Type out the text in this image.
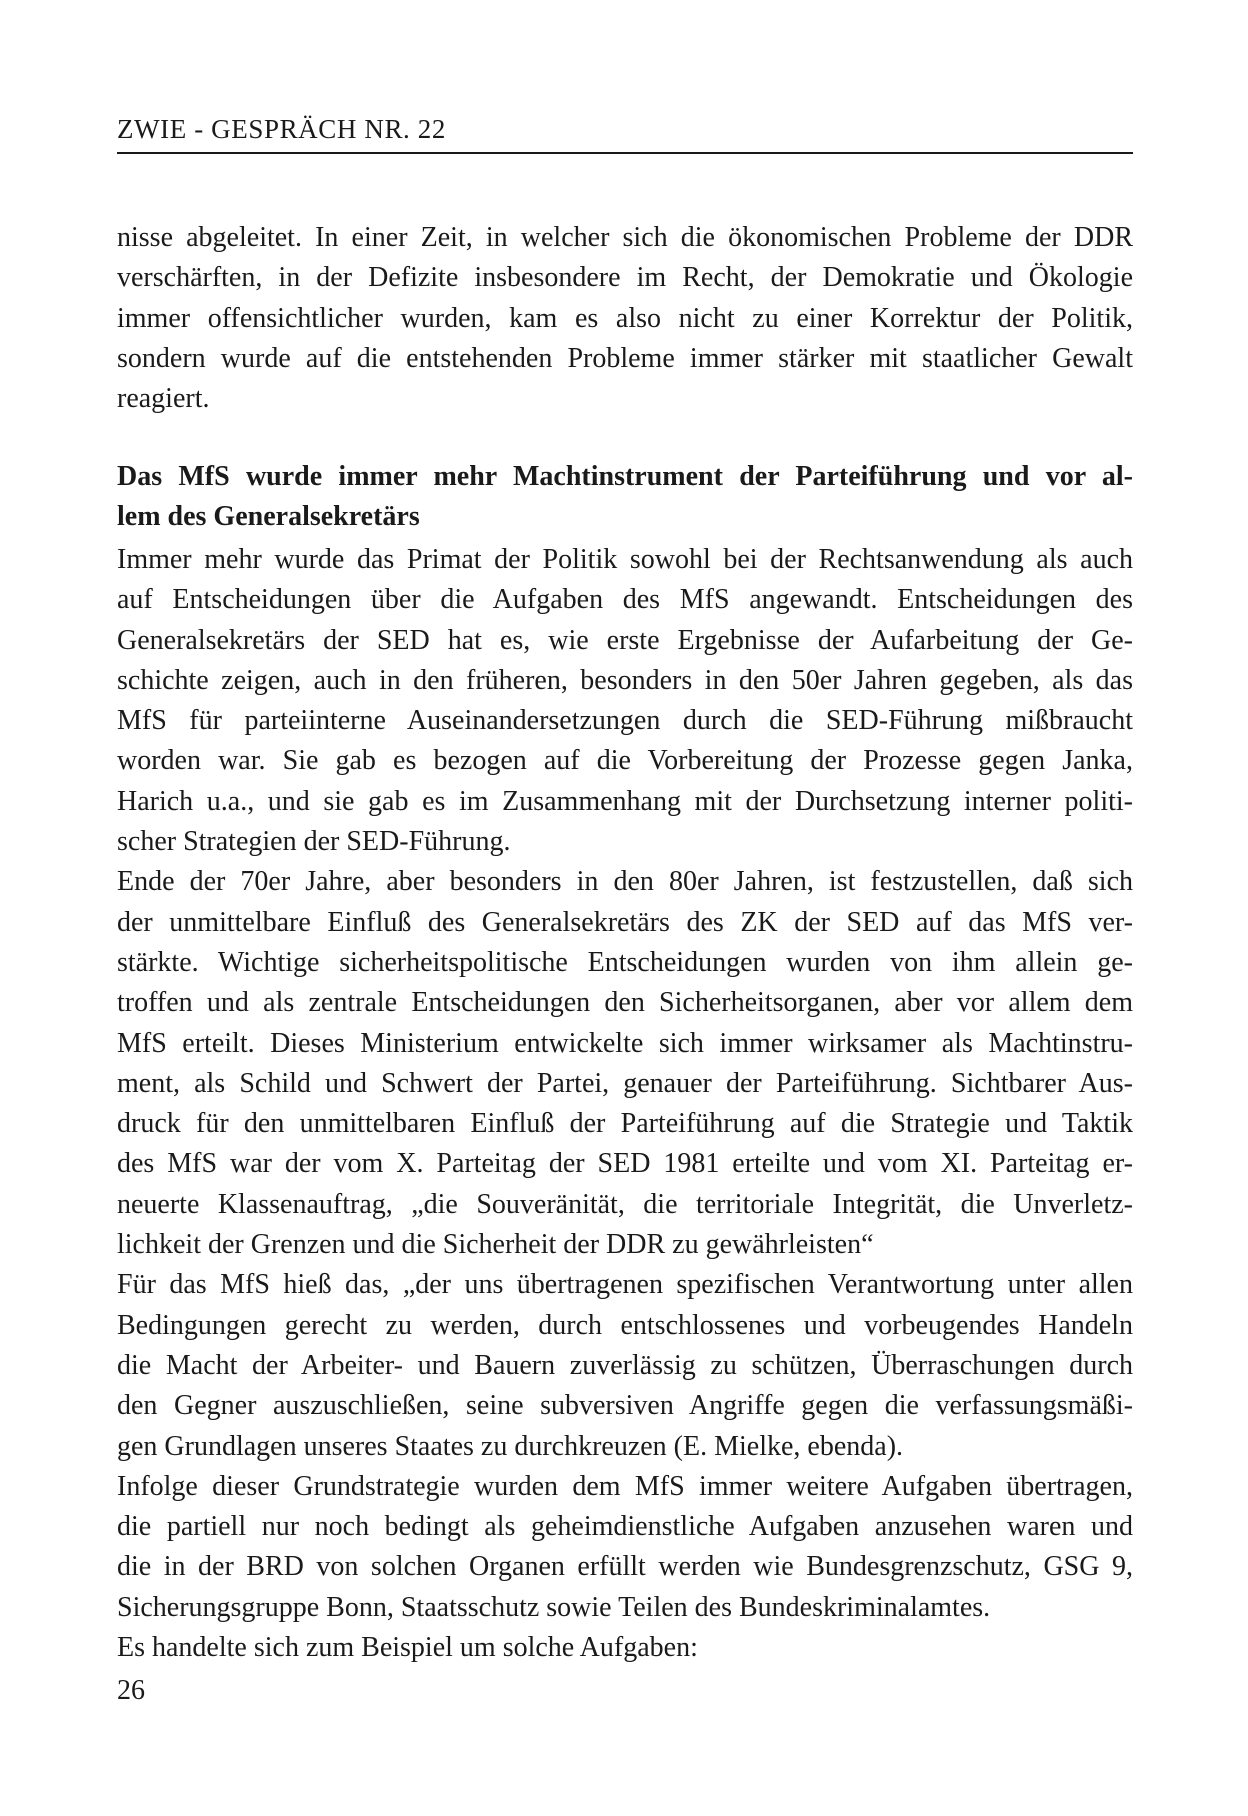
ZWIE - GESPRÄCH NR. 22
nisse abgeleitet. In einer Zeit, in welcher sich die ökonomischen Probleme der DDR
verschärften, in der Defizite insbesondere im Recht, der Demokratie und Ökologie
immer offensichtlicher wurden, kam es also nicht zu einer Korrektur der Politik,
sondern wurde auf die entstehenden Probleme immer stärker mit staatlicher Gewalt
reagiert.
Das MfS wurde immer mehr Machtinstrument der Parteiführung und vor al-
lem des Generalsekretärs
Immer mehr wurde das Primat der Politik sowohl bei der Rechtsanwendung als auch
auf Entscheidungen über die Aufgaben des MfS angewandt. Entscheidungen des
Generalsekretärs der SED hat es, wie erste Ergebnisse der Aufarbeitung der Ge-
schichte zeigen, auch in den früheren, besonders in den 50er Jahren gegeben, als das
MfS für parteiinterne Auseinandersetzungen durch die SED-Führung mißbraucht
worden war. Sie gab es bezogen auf die Vorbereitung der Prozesse gegen Janka,
Harich u.a., und sie gab es im Zusammenhang mit der Durchsetzung interner politi-
scher Strategien der SED-Führung.
Ende der 70er Jahre, aber besonders in den 80er Jahren, ist festzustellen, daß sich
der unmittelbare Einfluß des Generalsekretärs des ZK der SED auf das MfS ver-
stärkte. Wichtige sicherheitspolitische Entscheidungen wurden von ihm allein ge-
troffen und als zentrale Entscheidungen den Sicherheitsorganen, aber vor allem dem
MfS erteilt. Dieses Ministerium entwickelte sich immer wirksamer als Machtinstru-
ment, als Schild und Schwert der Partei, genauer der Parteiführung. Sichtbarer Aus-
druck für den unmittelbaren Einfluß der Parteiführung auf die Strategie und Taktik
des MfS war der vom X. Parteitag der SED 1981 erteilte und vom XI. Parteitag er-
neuerte Klassenauftrag, „die Souveränität, die territoriale Integrität, die Unverletz-
lichkeit der Grenzen und die Sicherheit der DDR zu gewährleisten“
Für das MfS hieß das, „der uns übertragenen spezifischen Verantwortung unter allen
Bedingungen gerecht zu werden, durch entschlossenes und vorbeugendes Handeln
die Macht der Arbeiter- und Bauern zuverlässig zu schützen, Überraschungen durch
den Gegner auszuschließen, seine subversiven Angriffe gegen die verfassungsmäßi-
gen Grundlagen unseres Staates zu durchkreuzen (E. Mielke, ebenda).
Infolge dieser Grundstrategie wurden dem MfS immer weitere Aufgaben übertragen,
die partiell nur noch bedingt als geheimdienstliche Aufgaben anzusehen waren und
die in der BRD von solchen Organen erfüllt werden wie Bundesgrenzschutz, GSG 9,
Sicherungsgruppe Bonn, Staatsschutz sowie Teilen des Bundeskriminalamtes.
Es handelte sich zum Beispiel um solche Aufgaben:
26
